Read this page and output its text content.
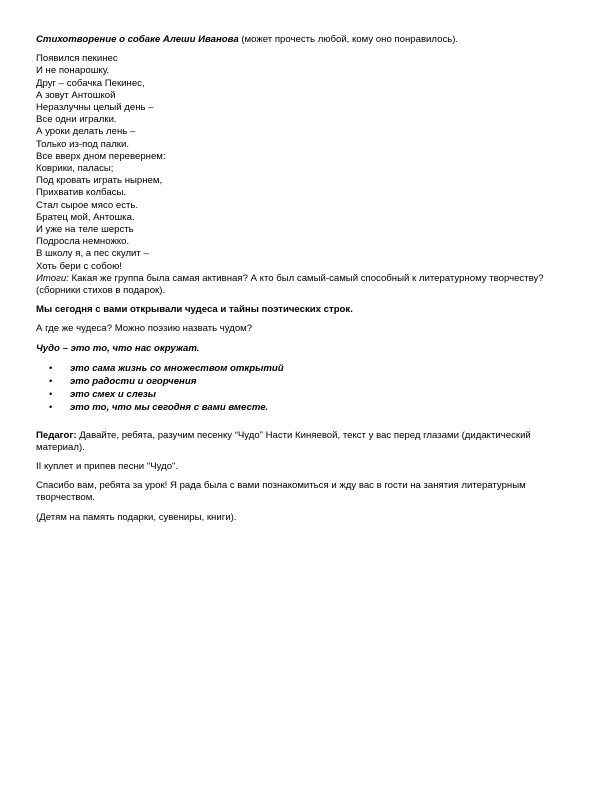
Стихотворение о собаке Алеши Иванова (может прочесть любой, кому оно понравилось).

Появился пекинес
И не понарошку.
Друг – собачка Пекинес,
А зовут Антошкой
Неразлучны целый день –
Все одни игралки.
А уроки делать лень –
Только из-под палки.
Все вверх дном перевернем:
Коврики, паласы;
Под кровать играть нырнем,
Прихватив колбасы.
Стал сырое мясо есть.
Братец мой, Антошка.
И уже на теле шерсть
Подросла немножко.
В школу я, а пес скулит –
Хоть бери с собою!

Итоги: Какая же группа была самая активная? А кто был самый-самый способный к литературному творчеству? (сборники стихов в подарок).

Мы сегодня с вами открывали чудеса и тайны поэтических строк.

А где же чудеса? Можно поэзию назвать чудом?

Чудо – это то, что нас окружат.

• это сама жизнь со множеством открытий
• это радости и огорчения
• это смех и слезы
• это то, что мы сегодня с вами вместе.

Педагог: Давайте, ребята, разучим песенку “Чудо” Насти Киняевой, текст у вас перед глазами (дидактический материал).

II куплет и припев песни "Чудо".

Спасибо вам, ребята за урок! Я рада была с вами познакомиться и жду вас в гости на занятия литературным творчеством.

(Детям на память подарки, сувениры, книги).
